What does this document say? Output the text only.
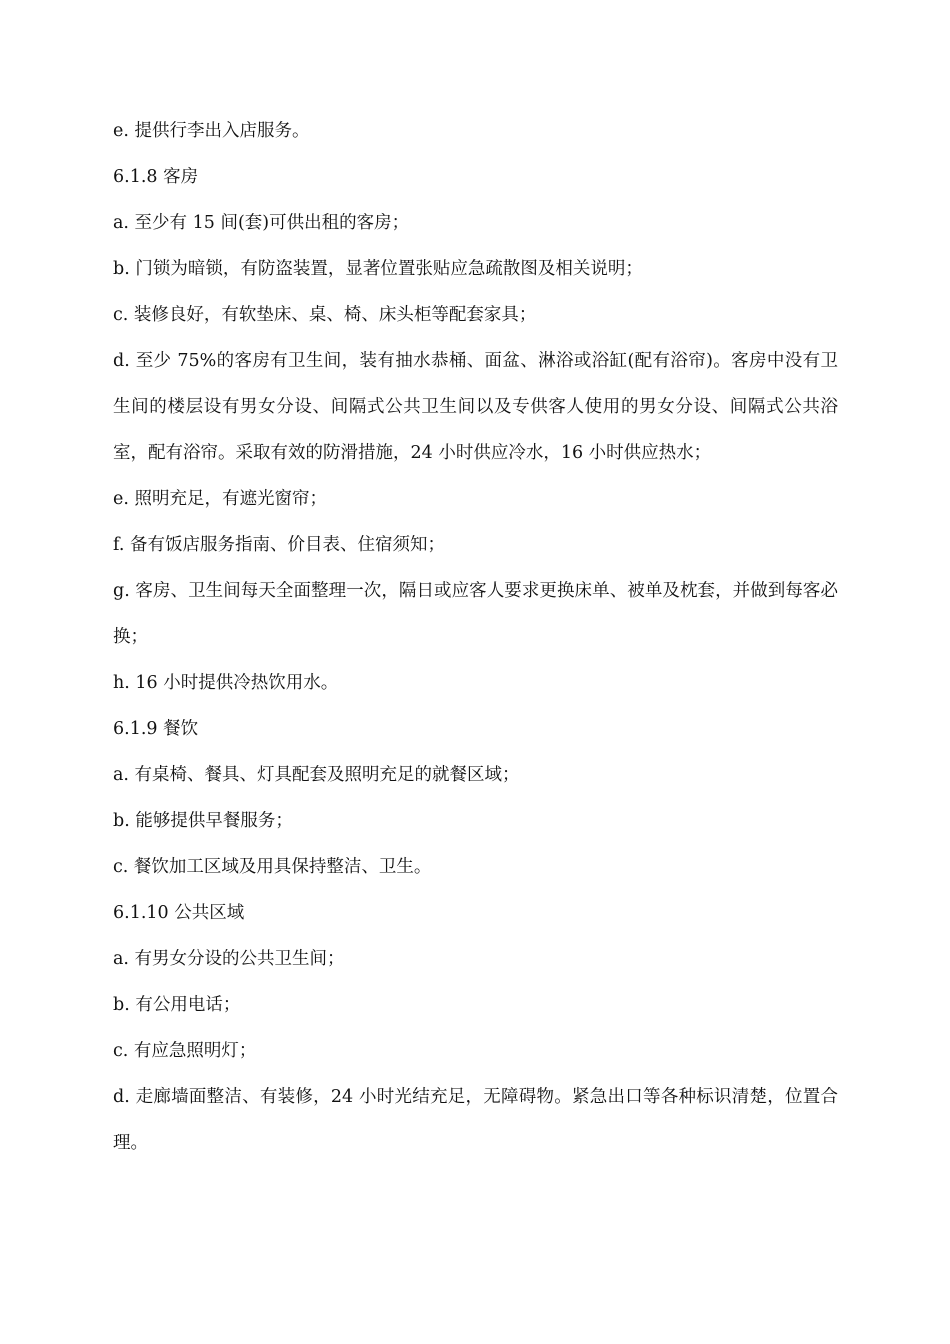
e. 提供行李出入店服务。

6.1.8 客房

a. 至少有 15 间(套)可供出租的客房；

b. 门锁为暗锁，有防盗装置，显著位置张贴应急疏散图及相关说明；

c. 装修良好，有软垫床、桌、椅、床头柜等配套家具；

d. 至少 75%的客房有卫生间，装有抽水恭桶、面盆、淋浴或浴缸(配有浴帘)。客房中没有卫生间的楼层设有男女分设、间隔式公共卫生间以及专供客人使用的男女分设、间隔式公共浴室，配有浴帘。采取有效的防滑措施，24 小时供应冷水，16 小时供应热水；

e. 照明充足，有遮光窗帘；

f. 备有饭店服务指南、价目表、住宿须知；

g. 客房、卫生间每天全面整理一次，隔日或应客人要求更换床单、被单及枕套，并做到每客必换；

h. 16 小时提供冷热饮用水。

6.1.9 餐饮

a. 有桌椅、餐具、灯具配套及照明充足的就餐区域；

b. 能够提供早餐服务；

c. 餐饮加工区域及用具保持整洁、卫生。

6.1.10 公共区域

a. 有男女分设的公共卫生间；

b. 有公用电话；

c. 有应急照明灯；

d. 走廊墙面整洁、有装修，24 小时光结充足，无障碍物。紧急出口等各种标识清楚，位置合理。
